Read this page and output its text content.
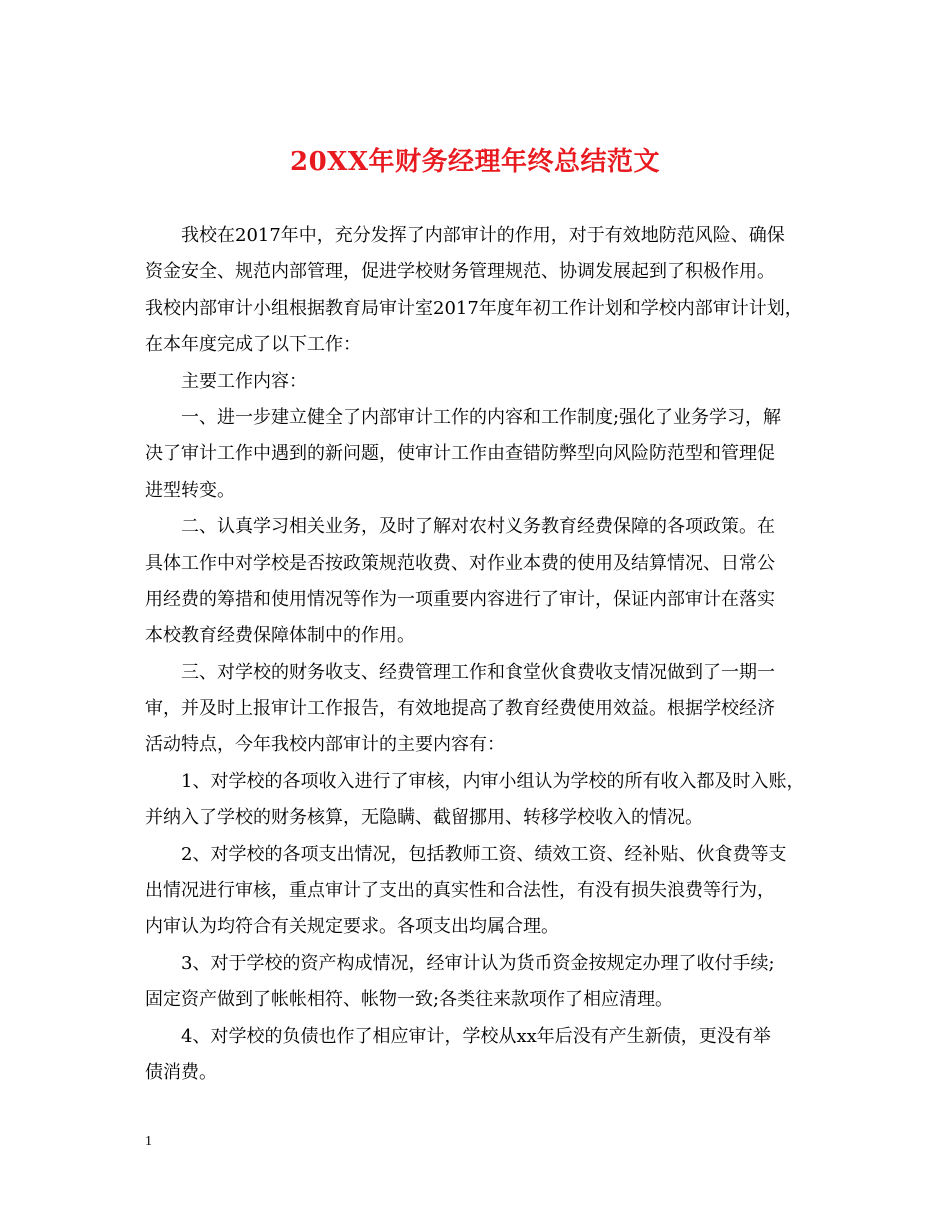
20XX年财务经理年终总结范文
我校在2017年中，充分发挥了内部审计的作用，对于有效地防范风险、确保
资金安全、规范内部管理，促进学校财务管理规范、协调发展起到了积极作用。
我校内部审计小组根据教育局审计室2017年度年初工作计划和学校内部审计计划，
在本年度完成了以下工作：
主要工作内容：
一、进一步建立健全了内部审计工作的内容和工作制度;强化了业务学习，解
决了审计工作中遇到的新问题，使审计工作由查错防弊型向风险防范型和管理促
进型转变。
二、认真学习相关业务，及时了解对农村义务教育经费保障的各项政策。在
具体工作中对学校是否按政策规范收费、对作业本费的使用及结算情况、日常公
用经费的筹措和使用情况等作为一项重要内容进行了审计，保证内部审计在落实
本校教育经费保障体制中的作用。
三、对学校的财务收支、经费管理工作和食堂伙食费收支情况做到了一期一
审，并及时上报审计工作报告，有效地提高了教育经费使用效益。根据学校经济
活动特点，今年我校内部审计的主要内容有：
1、对学校的各项收入进行了审核，内审小组认为学校的所有收入都及时入账，
并纳入了学校的财务核算，无隐瞒、截留挪用、转移学校收入的情况。
2、对学校的各项支出情况，包括教师工资、绩效工资、经补贴、伙食费等支
出情况进行审核，重点审计了支出的真实性和合法性，有没有损失浪费等行为，
内审认为均符合有关规定要求。各项支出均属合理。
3、对于学校的资产构成情况，经审计认为货币资金按规定办理了收付手续;
固定资产做到了帐帐相符、帐物一致;各类往来款项作了相应清理。
4、对学校的负债也作了相应审计，学校从xx年后没有产生新债，更没有举
债消费。
1
